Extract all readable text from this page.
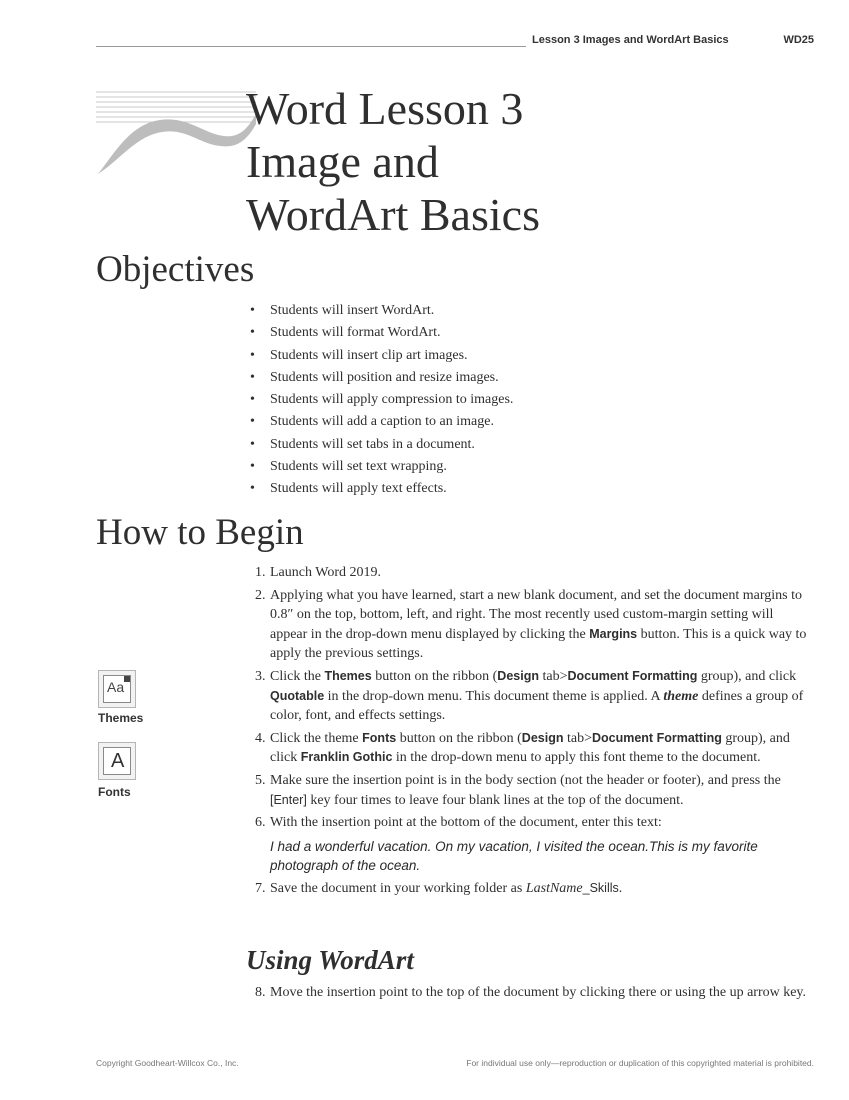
Lesson 3 Images and WordArt Basics	WD25
Word Lesson 3
Image and
WordArt Basics
Objectives
• Students will insert WordArt.
• Students will format WordArt.
• Students will insert clip art images.
• Students will position and resize images.
• Students will apply compression to images.
• Students will add a caption to an image.
• Students will set tabs in a document.
• Students will set text wrapping.
• Students will apply text effects.
How to Begin
1. Launch Word 2019.
2. Applying what you have learned, start a new blank document, and set the document margins to 0.8″ on the top, bottom, left, and right. The most recently used custom-margin setting will appear in the drop-down menu displayed by clicking the Margins button. This is a quick way to apply the previous settings.
3. Click the Themes button on the ribbon (Design tab>Document Formatting group), and click Quotable in the drop-down menu. This document theme is applied. A theme defines a group of color, font, and effects settings.
4. Click the theme Fonts button on the ribbon (Design tab>Document Formatting group), and click Franklin Gothic in the drop-down menu to apply this font theme to the document.
5. Make sure the insertion point is in the body section (not the header or footer), and press the [Enter] key four times to leave four blank lines at the top of the document.
6. With the insertion point at the bottom of the document, enter this text:
I had a wonderful vacation. On my vacation, I visited the ocean.This is my favorite photograph of the ocean.
7. Save the document in your working folder as LastName_Skills.
Using WordArt
8. Move the insertion point to the top of the document by clicking there or using the up arrow key.
Aa
Themes
A
Fonts
Copyright Goodheart-Willcox Co., Inc.	For individual use only—reproduction or duplication of this copyrighted material is prohibited.
